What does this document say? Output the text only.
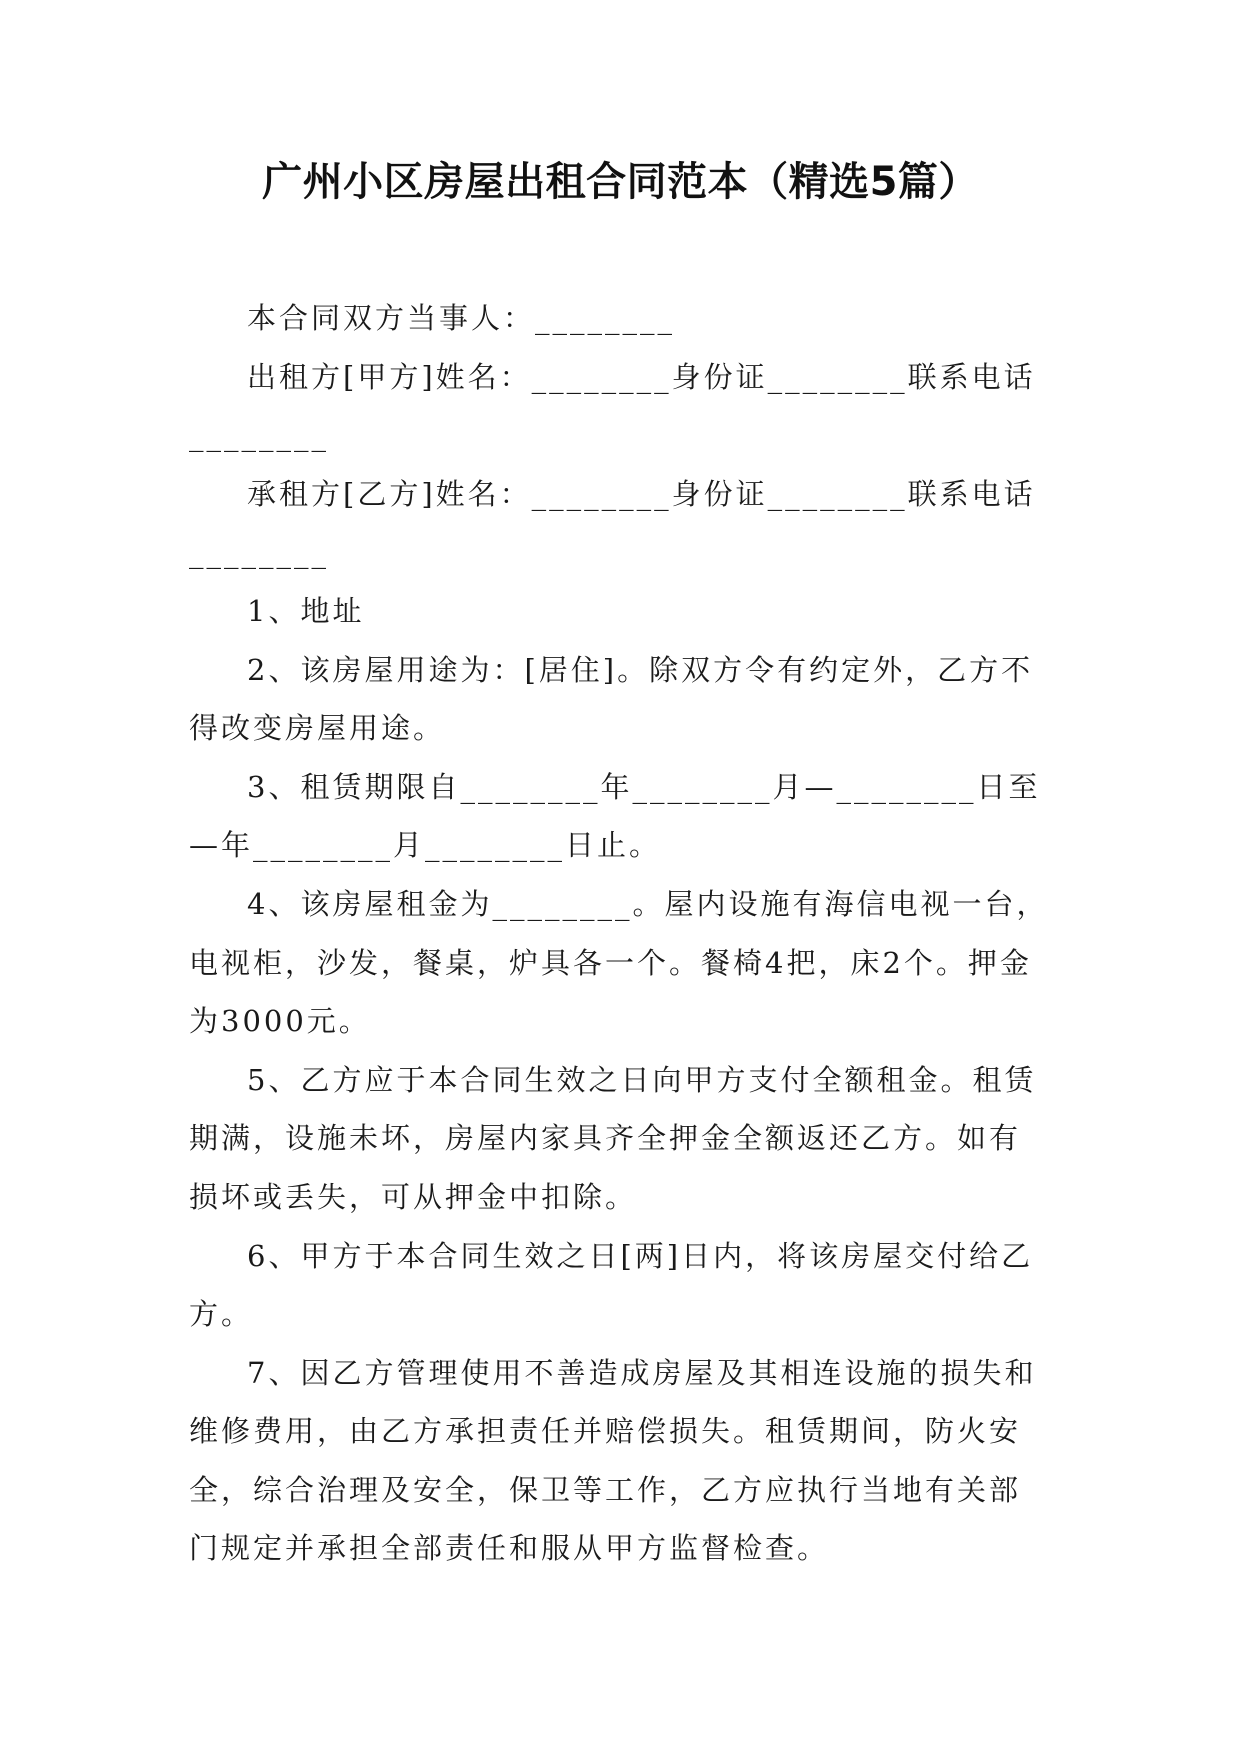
广州小区房屋出租合同范本（精选5篇）

本合同双方当事人：________

出租方[甲方]姓名：________身份证________联系电话________

承租方[乙方]姓名：________身份证________联系电话________

1、地址

2、该房屋用途为：[居住]。除双方令有约定外，乙方不得改变房屋用途。

3、租赁期限自________年________月—________日至—年________月________日止。

4、该房屋租金为________。屋内设施有海信电视一台，电视柜，沙发，餐桌，炉具各一个。餐椅4把，床2个。押金为3000元。

5、乙方应于本合同生效之日向甲方支付全额租金。租赁期满，设施未坏，房屋内家具齐全押金全额返还乙方。如有损坏或丢失，可从押金中扣除。

6、甲方于本合同生效之日[两]日内，将该房屋交付给乙方。

7、因乙方管理使用不善造成房屋及其相连设施的损失和维修费用，由乙方承担责任并赔偿损失。租赁期间，防火安全，综合治理及安全，保卫等工作，乙方应执行当地有关部门规定并承担全部责任和服从甲方监督检查。
